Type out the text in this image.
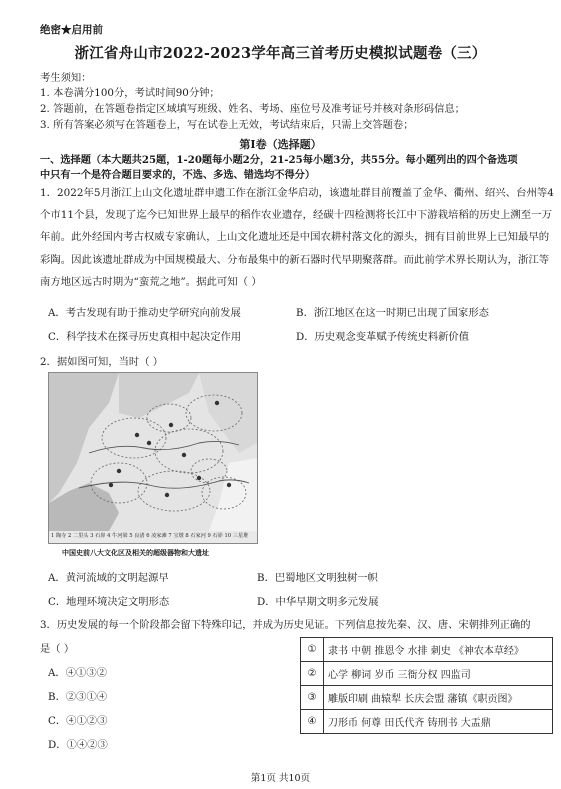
绝密★启用前
浙江省舟山市2022-2023学年高三首考历史模拟试题卷（三）
考生须知：
1. 本卷满分100分，考试时间90分钟；
2. 答题前，在答题卷指定区域填写班级、姓名、考场、座位号及准考证号并核对条形码信息；
3. 所有答案必须写在答题卷上，写在试卷上无效，考试结束后，只需上交答题卷；
第Ⅰ卷（选择题）
一、选择题（本大题共25题，1-20题每小题2分，21-25每小题3分，共55分。每小题列出的四个备选项
中只有一个是符合题目要求的，不选、多选、错选均不得分）
1．2022年5月浙江上山文化遗址群申遗工作在浙江金华启动，该遗址群目前覆盖了金华、衢州、绍兴、台州等4个市11个县，发现了迄今已知世界上最早的稻作农业遗存，经碳十四检测将长江中下游栽培稻的历史上溯至一万年前。此外经国内考古权威专家确认，上山文化遗址还是中国农耕村落文化的源头，拥有目前世界上已知最早的彩陶。因此该遗址群成为中国规模最大、分布最集中的新石器时代早期聚落群。而此前学术界长期认为，浙江等南方地区远古时期为“蛮荒之地”。据此可知（ ）
A．考古发现有助于推动史学研究向前发展	B．浙江地区在这一时期已出现了国家形态
C．科学技术在探寻历史真相中起决定作用	D．历史观念变革赋予传统史料新价值
2．据如图可知，当时（ ）
1 陶寺 2 二里头 3 石峁 4 牛河梁 5 良渚 6 凌家滩 7 宝墩 8 石家河 9 石峁 10 三星堆
中国史前八大文化区及相关的超级器物和大遗址
A．黄河流域的文明起源早	B．巴蜀地区文明独树一帜
C．地理环境决定文明形态	D．中华早期文明多元发展
3．历史发展的每一个阶段都会留下特殊印记，并成为历史见证。下列信息按先秦、汉、唐、宋朝排列正确的
是（ ）
A．④①③②
B．②③①④
C．④①②③
D．①④②③
①	隶书 中朝 推恩令 水排 刺史 《神农本草经》
②	心学 柳词 岁币 三衙分权 四监司
③	雕版印刷 曲辕犁 长庆会盟 藩镇《职贡图》
④	刀形币 何尊 田氏代齐 铸刑书 大盂鼎
第1页 共10页
